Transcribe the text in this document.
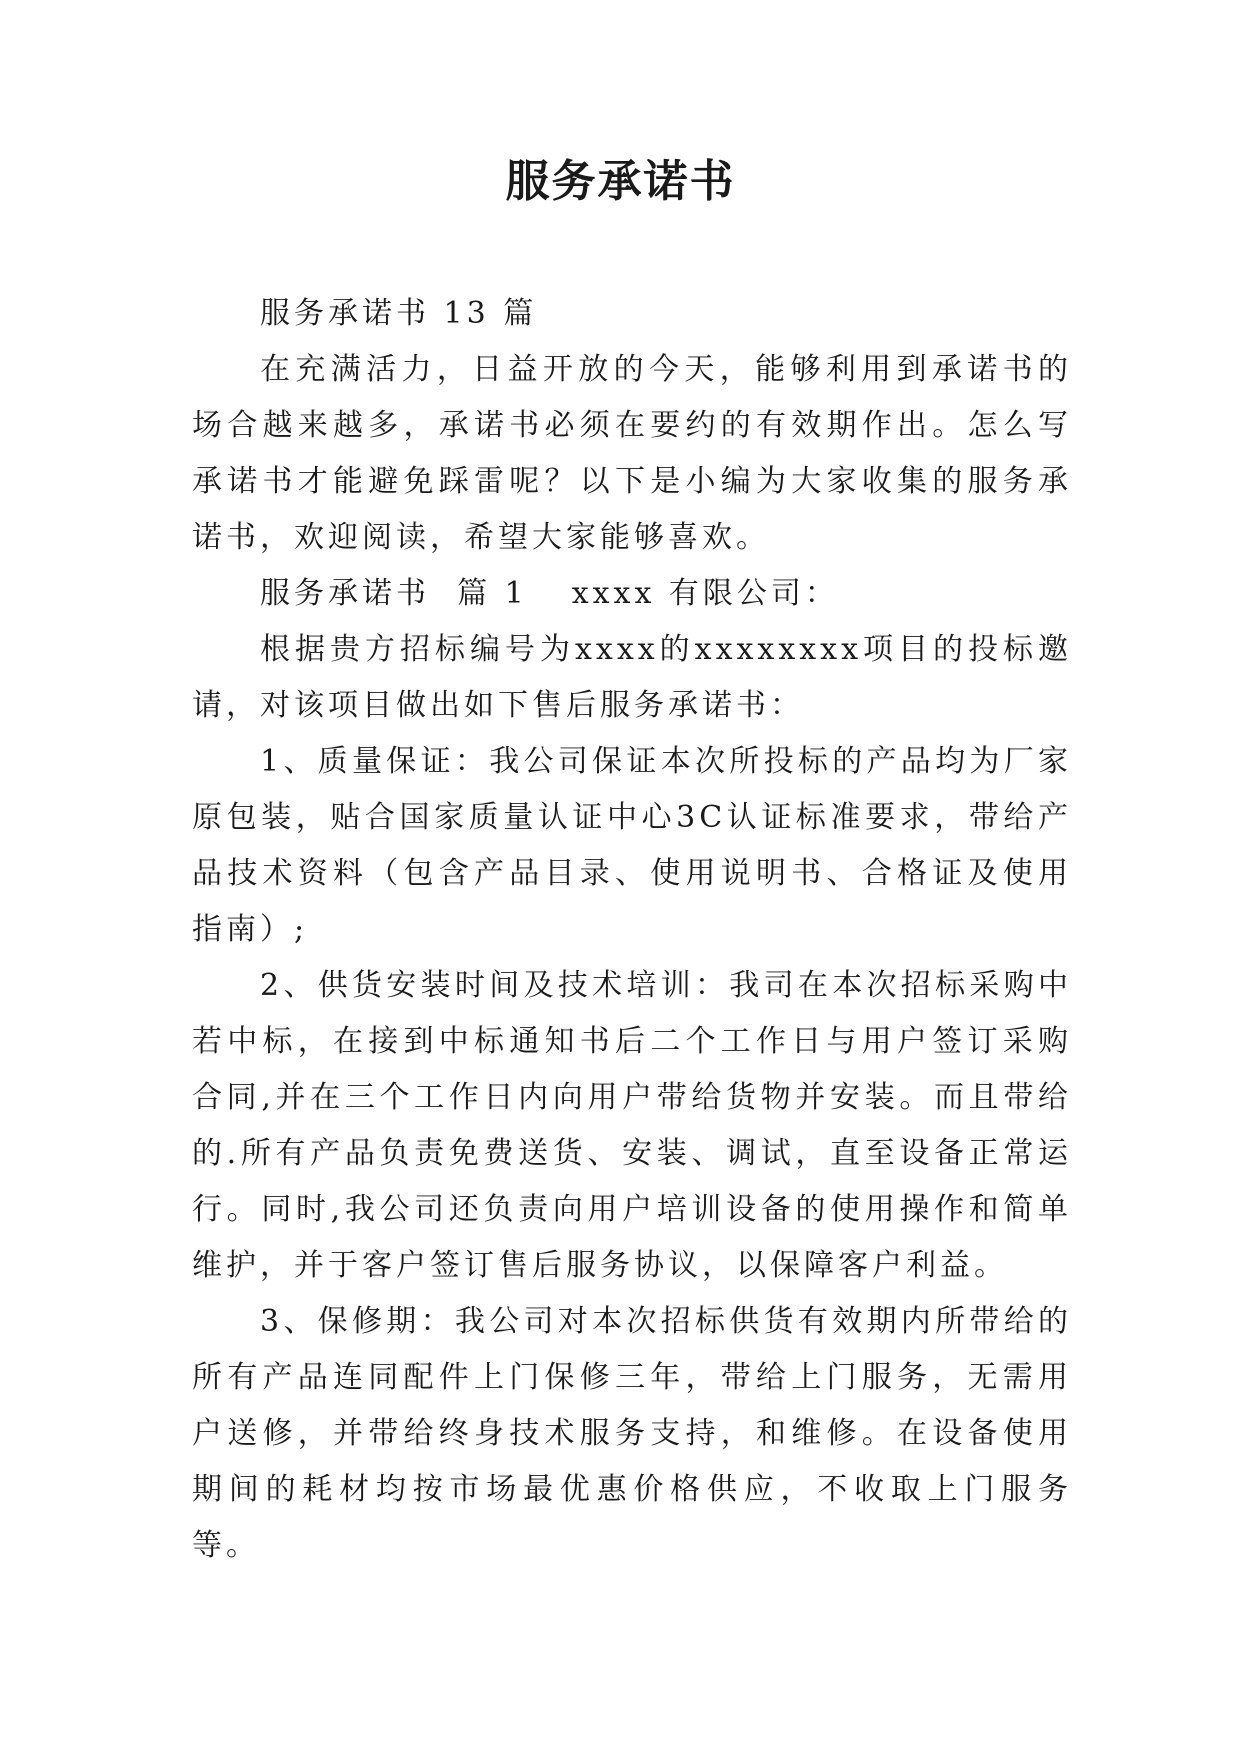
服务承诺书

服务承诺书 13 篇

在充满活力，日益开放的今天，能够利用到承诺书的场合越来越多，承诺书必须在要约的有效期作出。怎么写承诺书才能避免踩雷呢？以下是小编为大家收集的服务承诺书，欢迎阅读，希望大家能够喜欢。

服务承诺书  篇 1 xxxx 有限公司：

根据贵方招标编号为xxxx的xxxxxxxx项目的投标邀请，对该项目做出如下售后服务承诺书：

1、质量保证：我公司保证本次所投标的产品均为厂家原包装，贴合国家质量认证中心3C认证标准要求，带给产品技术资料（包含产品目录、使用说明书、合格证及使用指南）;

2、供货安装时间及技术培训：我司在本次招标采购中若中标，在接到中标通知书后二个工作日与用户签订采购合同,并在三个工作日内向用户带给货物并安装。而且带给的.所有产品负责免费送货、安装、调试，直至设备正常运行。同时,我公司还负责向用户培训设备的使用操作和简单维护，并于客户签订售后服务协议，以保障客户利益。

3、保修期：我公司对本次招标供货有效期内所带给的所有产品连同配件上门保修三年，带给上门服务，无需用户送修，并带给终身技术服务支持，和维修。在设备使用期间的耗材均按市场最优惠价格供应，不收取上门服务等。
